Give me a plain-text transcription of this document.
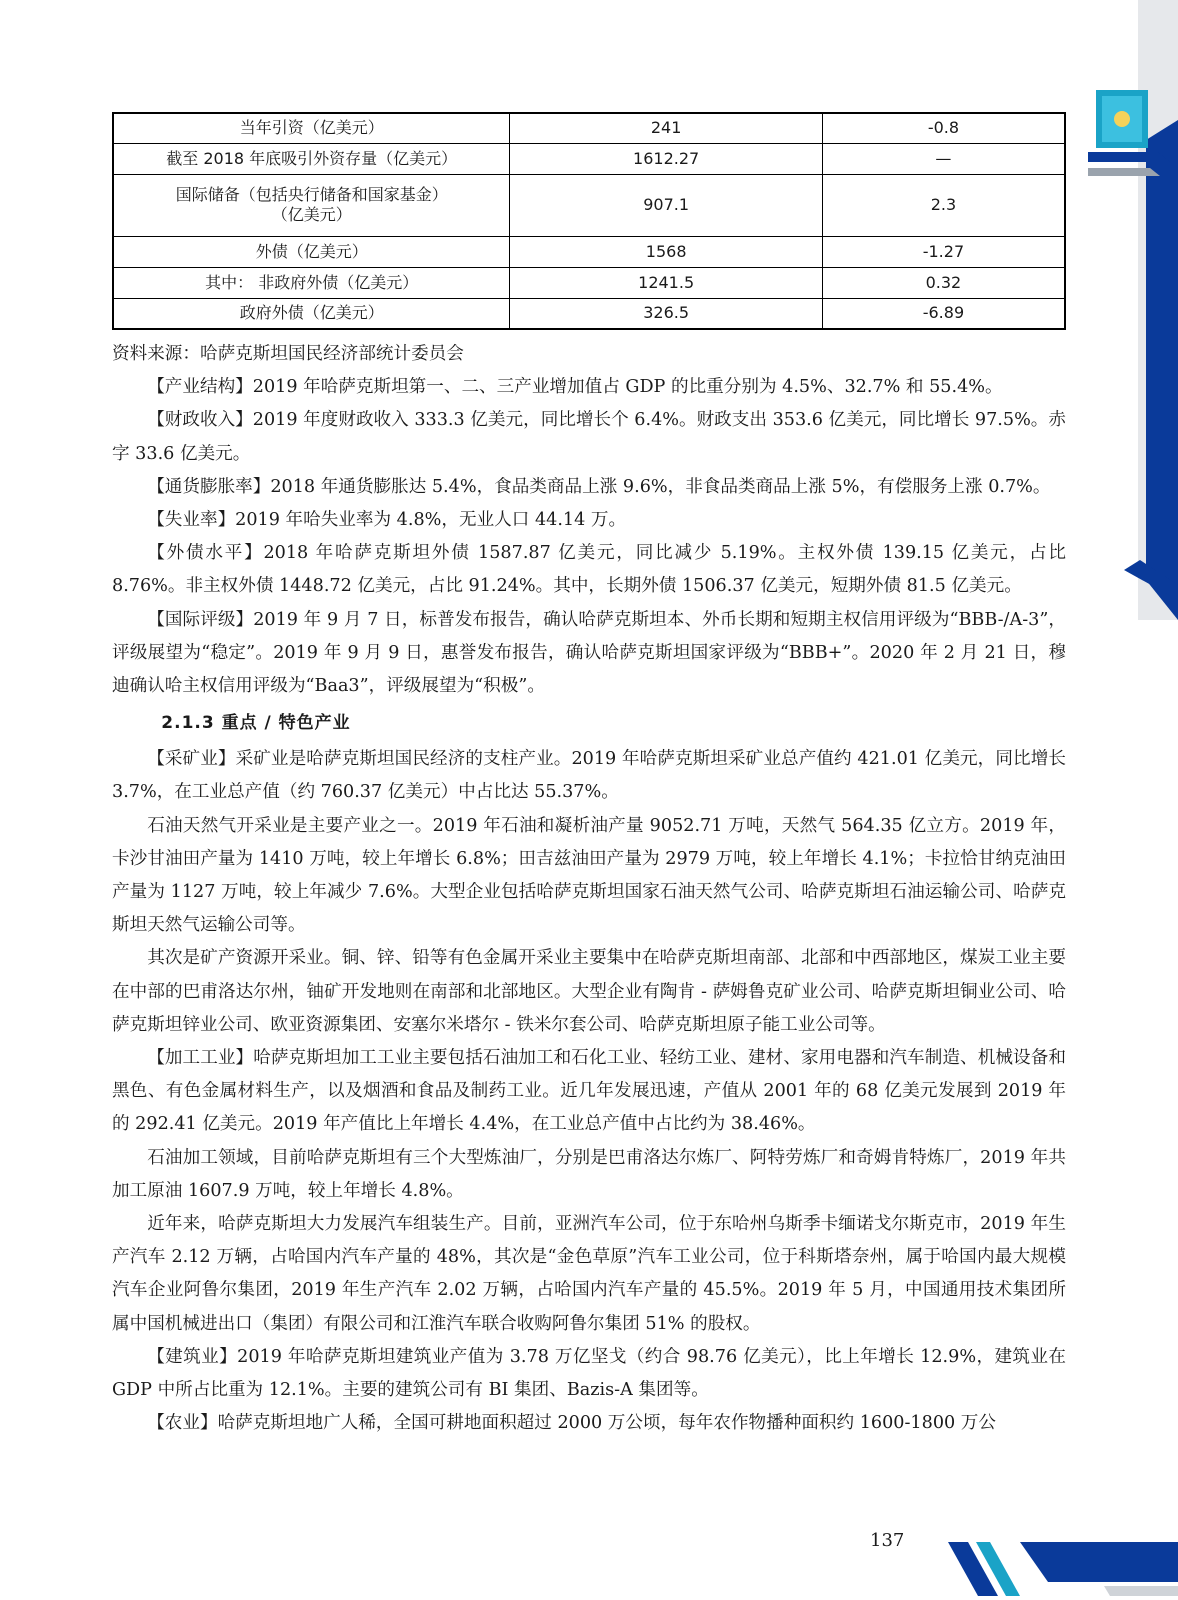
当年引资（亿美元）	241	-0.8
截至 2018 年底吸引外资存量（亿美元）	1612.27	—

国际储备（包括央行储备和国家基金）
（亿美元）	907.1	2.3
外债（亿美元）	1568	-1.27
其中： 非政府外债（亿美元）	1241.5	0.32
政府外债（亿美元）	326.5	-6.89

资料来源：哈萨克斯坦国民经济部统计委员会

【产业结构】2019 年哈萨克斯坦第一、二、三产业增加值占 GDP 的比重分别为 4.5%、32.7% 和 55.4%。

【财政收入】2019 年度财政收入 333.3 亿美元，同比增长个 6.4%。财政支出 353.6 亿美元，同比增长 97.5%。赤字 33.6 亿美元。

【通货膨胀率】2018 年通货膨胀达 5.4%，食品类商品上涨 9.6%，非食品类商品上涨 5%，有偿服务上涨 0.7%。

【失业率】2019 年哈失业率为 4.8%，无业人口 44.14 万。

【外债水平】2018 年哈萨克斯坦外债 1587.87 亿美元，同比减少 5.19%。主权外债 139.15 亿美元，占比 8.76%。非主权外债 1448.72 亿美元，占比 91.24%。其中，长期外债 1506.37 亿美元，短期外债 81.5 亿美元。

【国际评级】2019 年 9 月 7 日，标普发布报告，确认哈萨克斯坦本、外币长期和短期主权信用评级为“BBB-/A-3”，评级展望为“稳定”。2019 年 9 月 9 日，惠誉发布报告，确认哈萨克斯坦国家评级为“BBB+”。2020 年 2 月 21 日，穆迪确认哈主权信用评级为“Baa3”，评级展望为“积极”。

2.1.3 重点 / 特色产业

【采矿业】采矿业是哈萨克斯坦国民经济的支柱产业。2019 年哈萨克斯坦采矿业总产值约 421.01 亿美元，同比增长 3.7%，在工业总产值（约 760.37 亿美元）中占比达 55.37%。

石油天然气开采业是主要产业之一。2019 年石油和凝析油产量 9052.71 万吨，天然气 564.35 亿立方。2019 年，卡沙甘油田产量为 1410 万吨，较上年增长 6.8%；田吉兹油田产量为 2979 万吨，较上年增长 4.1%；卡拉恰甘纳克油田产量为 1127 万吨，较上年减少 7.6%。大型企业包括哈萨克斯坦国家石油天然气公司、哈萨克斯坦石油运输公司、哈萨克斯坦天然气运输公司等。

其次是矿产资源开采业。铜、锌、铅等有色金属开采业主要集中在哈萨克斯坦南部、北部和中西部地区，煤炭工业主要在中部的巴甫洛达尔州，铀矿开发地则在南部和北部地区。大型企业有陶肯 - 萨姆鲁克矿业公司、哈萨克斯坦铜业公司、哈萨克斯坦锌业公司、欧亚资源集团、安塞尔米塔尔 - 铁米尔套公司、哈萨克斯坦原子能工业公司等。

【加工工业】哈萨克斯坦加工工业主要包括石油加工和石化工业、轻纺工业、建材、家用电器和汽车制造、机械设备和黑色、有色金属材料生产，以及烟酒和食品及制药工业。近几年发展迅速，产值从 2001 年的 68 亿美元发展到 2019 年的 292.41 亿美元。2019 年产值比上年增长 4.4%，在工业总产值中占比约为 38.46%。

石油加工领域，目前哈萨克斯坦有三个大型炼油厂，分别是巴甫洛达尔炼厂、阿特劳炼厂和奇姆肯特炼厂，2019 年共加工原油 1607.9 万吨，较上年增长 4.8%。

近年来，哈萨克斯坦大力发展汽车组装生产。目前，亚洲汽车公司，位于东哈州乌斯季卡缅诺戈尔斯克市，2019 年生产汽车 2.12 万辆，占哈国内汽车产量的 48%，其次是“金色草原”汽车工业公司，位于科斯塔奈州，属于哈国内最大规模汽车企业阿鲁尔集团，2019 年生产汽车 2.02 万辆，占哈国内汽车产量的 45.5%。2019 年 5 月，中国通用技术集团所属中国机械进出口（集团）有限公司和江淮汽车联合收购阿鲁尔集团 51% 的股权。

【建筑业】2019 年哈萨克斯坦建筑业产值为 3.78 万亿坚戈（约合 98.76 亿美元），比上年增长 12.9%，建筑业在 GDP 中所占比重为 12.1%。主要的建筑公司有 BI 集团、Bazis-A 集团等。

【农业】哈萨克斯坦地广人稀，全国可耕地面积超过 2000 万公顷，每年农作物播种面积约 1600-1800 万公

137
